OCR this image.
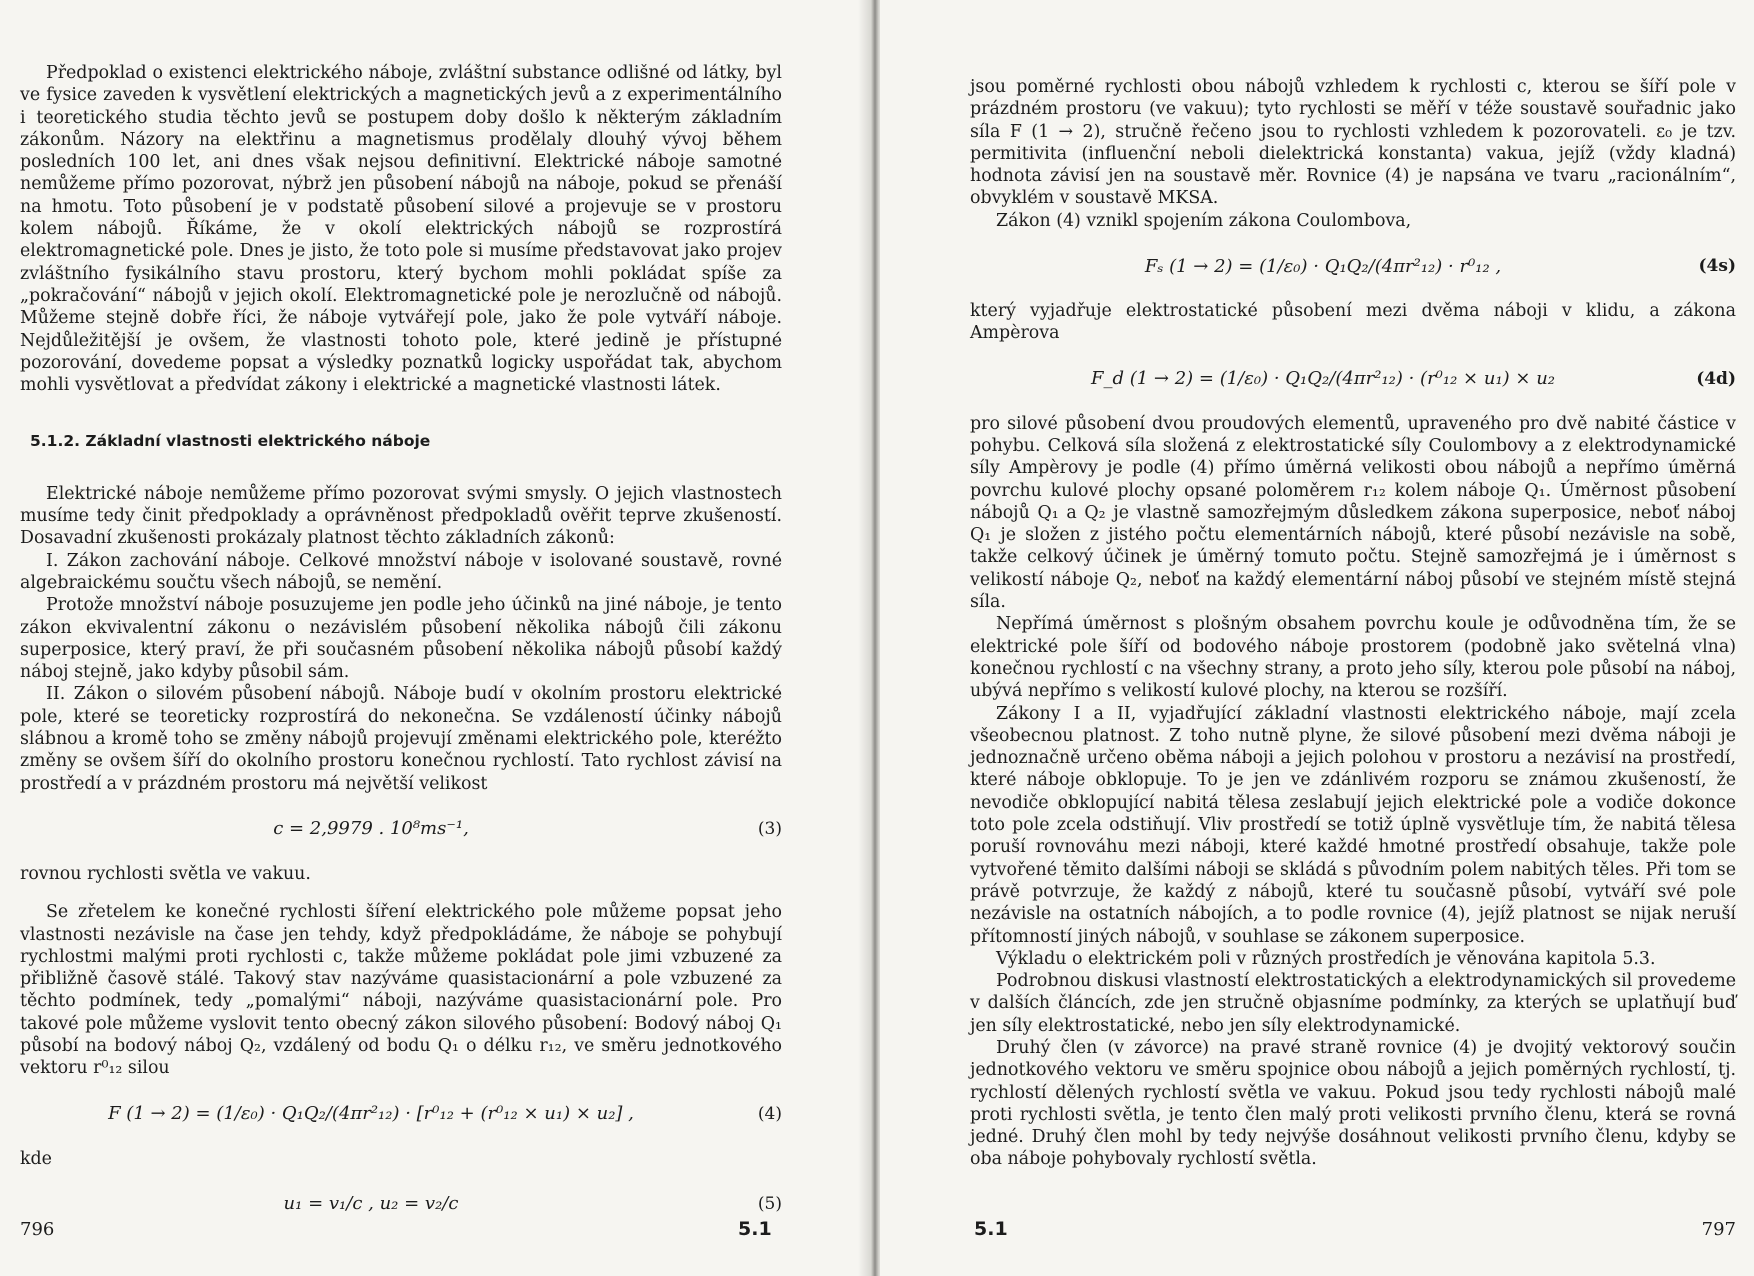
Předpoklad o existenci elektrického náboje, zvláštní substance odlišné od látky, byl ve fysice zaveden k vysvětlení elektrických a magnetických jevů a z experimentálního i teoretického studia těchto jevů se postupem doby došlo k některým základním zákonům. Názory na elektřinu a magnetismus prodělaly dlouhý vývoj během posledních 100 let, ani dnes však nejsou definitivní. Elektrické náboje samotné nemůžeme přímo pozorovat, nýbrž jen působení nábojů na náboje, pokud se přenáší na hmotu. Toto působení je v podstatě působení silové a projevuje se v prostoru kolem nábojů. Říkáme, že v okolí elektrických nábojů se rozprostírá elektromagnetické pole. Dnes je jisto, že toto pole si musíme představovat jako projev zvláštního fysikálního stavu prostoru, který bychom mohli pokládat spíše za „pokračování“ nábojů v jejich okolí. Elektromagnetické pole je nerozlučně od nábojů. Můžeme stejně dobře říci, že náboje vytvářejí pole, jako že pole vytváří náboje. Nejdůležitější je ovšem, že vlastnosti tohoto pole, které jedině je přístupné pozorování, dovedeme popsat a výsledky poznatků logicky uspořádat tak, abychom mohli vysvětlovat a předvídat zákony i elektrické a magnetické vlastnosti látek.

5.1.2. Základní vlastnosti elektrického náboje

Elektrické náboje nemůžeme přímo pozorovat svými smysly. O jejich vlastnostech musíme tedy činit předpoklady a oprávněnost předpokladů ověřit teprve zkušeností. Dosavadní zkušenosti prokázaly platnost těchto základních zákonů:

I. Zákon zachování náboje. Celkové množství náboje v isolované soustavě, rovné algebraickému součtu všech nábojů, se nemění.

Protože množství náboje posuzujeme jen podle jeho účinků na jiné náboje, je tento zákon ekvivalentní zákonu o nezávislém působení několika nábojů čili zákonu superposice, který praví, že při současném působení několika nábojů působí každý náboj stejně, jako kdyby působil sám.

II. Zákon o silovém působení nábojů. Náboje budí v okolním prostoru elektrické pole, které se teoreticky rozprostírá do nekonečna. Se vzdáleností účinky nábojů slábnou a kromě toho se změny nábojů projevují změnami elektrického pole, kteréžto změny se ovšem šíří do okolního prostoru konečnou rychlostí. Tato rychlost závisí na prostředí a v prázdném prostoru má největší velikost

c = 2,9979 . 10⁸ms⁻¹,	(3)

rovnou rychlosti světla ve vakuu.

Se zřetelem ke konečné rychlosti šíření elektrického pole můžeme popsat jeho vlastnosti nezávisle na čase jen tehdy, když předpokládáme, že náboje se pohybují rychlostmi malými proti rychlosti c, takže můžeme pokládat pole jimi vzbuzené za přibližně časově stálé. Takový stav nazýváme quasistacionární a pole vzbuzené za těchto podmínek, tedy „pomalými“ náboji, nazýváme quasistacionární pole. Pro takové pole můžeme vyslovit tento obecný zákon silového působení: Bodový náboj Q₁ působí na bodový náboj Q₂, vzdálený od bodu Q₁ o délku r₁₂, ve směru jednotkového vektoru r⁰₁₂ silou

F (1 → 2) = (1/ε₀) · Q₁Q₂/(4πr²₁₂) · [r⁰₁₂ + (r⁰₁₂ × u₁) × u₂] ,	(4)

kde

u₁ = v₁/c , u₂ = v₂/c	(5)
796	5.1

jsou poměrné rychlosti obou nábojů vzhledem k rychlosti c, kterou se šíří pole v prázdném prostoru (ve vakuu); tyto rychlosti se měří v téže soustavě souřadnic jako síla F (1 → 2), stručně řečeno jsou to rychlosti vzhledem k pozorovateli. ε₀ je tzv. permitivita (influenční neboli dielektrická konstanta) vakua, jejíž (vždy kladná) hodnota závisí jen na soustavě měr. Rovnice (4) je napsána ve tvaru „racionálním“, obvyklém v soustavě MKSA.

Zákon (4) vznikl spojením zákona Coulombova,

Fₛ (1 → 2) = (1/ε₀) · Q₁Q₂/(4πr²₁₂) · r⁰₁₂ ,	(4s)

který vyjadřuje elektrostatické působení mezi dvěma náboji v klidu, a zákona Ampèrova

F_d (1 → 2) = (1/ε₀) · Q₁Q₂/(4πr²₁₂) · (r⁰₁₂ × u₁) × u₂	(4d)

pro silové působení dvou proudových elementů, upraveného pro dvě nabité částice v pohybu. Celková síla složená z elektrostatické síly Coulombovy a z elektrodynamické síly Ampèrovy je podle (4) přímo úměrná velikosti obou nábojů a nepřímo úměrná povrchu kulové plochy opsané poloměrem r₁₂ kolem náboje Q₁. Úměrnost působení nábojů Q₁ a Q₂ je vlastně samozřejmým důsledkem zákona superposice, neboť náboj Q₁ je složen z jistého počtu elementárních nábojů, které působí nezávisle na sobě, takže celkový účinek je úměrný tomuto počtu. Stejně samozřejmá je i úměrnost s velikostí náboje Q₂, neboť na každý elementární náboj působí ve stejném místě stejná síla.

Nepřímá úměrnost s plošným obsahem povrchu koule je odůvodněna tím, že se elektrické pole šíří od bodového náboje prostorem (podobně jako světelná vlna) konečnou rychlostí c na všechny strany, a proto jeho síly, kterou pole působí na náboj, ubývá nepřímo s velikostí kulové plochy, na kterou se rozšíří.

Zákony I a II, vyjadřující základní vlastnosti elektrického náboje, mají zcela všeobecnou platnost. Z toho nutně plyne, že silové působení mezi dvěma náboji je jednoznačně určeno oběma náboji a jejich polohou v prostoru a nezávisí na prostředí, které náboje obklopuje. To je jen ve zdánlivém rozporu se známou zkušeností, že nevodiče obklopující nabitá tělesa zeslabují jejich elektrické pole a vodiče dokonce toto pole zcela odstiňují. Vliv prostředí se totiž úplně vysvětluje tím, že nabitá tělesa poruší rovnováhu mezi náboji, které každé hmotné prostředí obsahuje, takže pole vytvořené těmito dalšími náboji se skládá s původním polem nabitých těles. Při tom se právě potvrzuje, že každý z nábojů, které tu současně působí, vytváří své pole nezávisle na ostatních nábojích, a to podle rovnice (4), jejíž platnost se nijak neruší přítomností jiných nábojů, v souhlase se zákonem superposice.

Výkladu o elektrickém poli v různých prostředích je věnována kapitola 5.3.

Podrobnou diskusi vlastností elektrostatických a elektrodynamických sil provedeme v dalších článcích, zde jen stručně objasníme podmínky, za kterých se uplatňují buď jen síly elektrostatické, nebo jen síly elektrodynamické.

Druhý člen (v závorce) na pravé straně rovnice (4) je dvojitý vektorový součin jednotkového vektoru ve směru spojnice obou nábojů a jejich poměrných rychlostí, tj. rychlostí dělených rychlostí světla ve vakuu. Pokud jsou tedy rychlosti nábojů malé proti rychlosti světla, je tento člen malý proti velikosti prvního členu, která se rovná jedné. Druhý člen mohl by tedy nejvýše dosáhnout velikosti prvního členu, kdyby se oba náboje pohybovaly rychlostí světla.

5.1	797
